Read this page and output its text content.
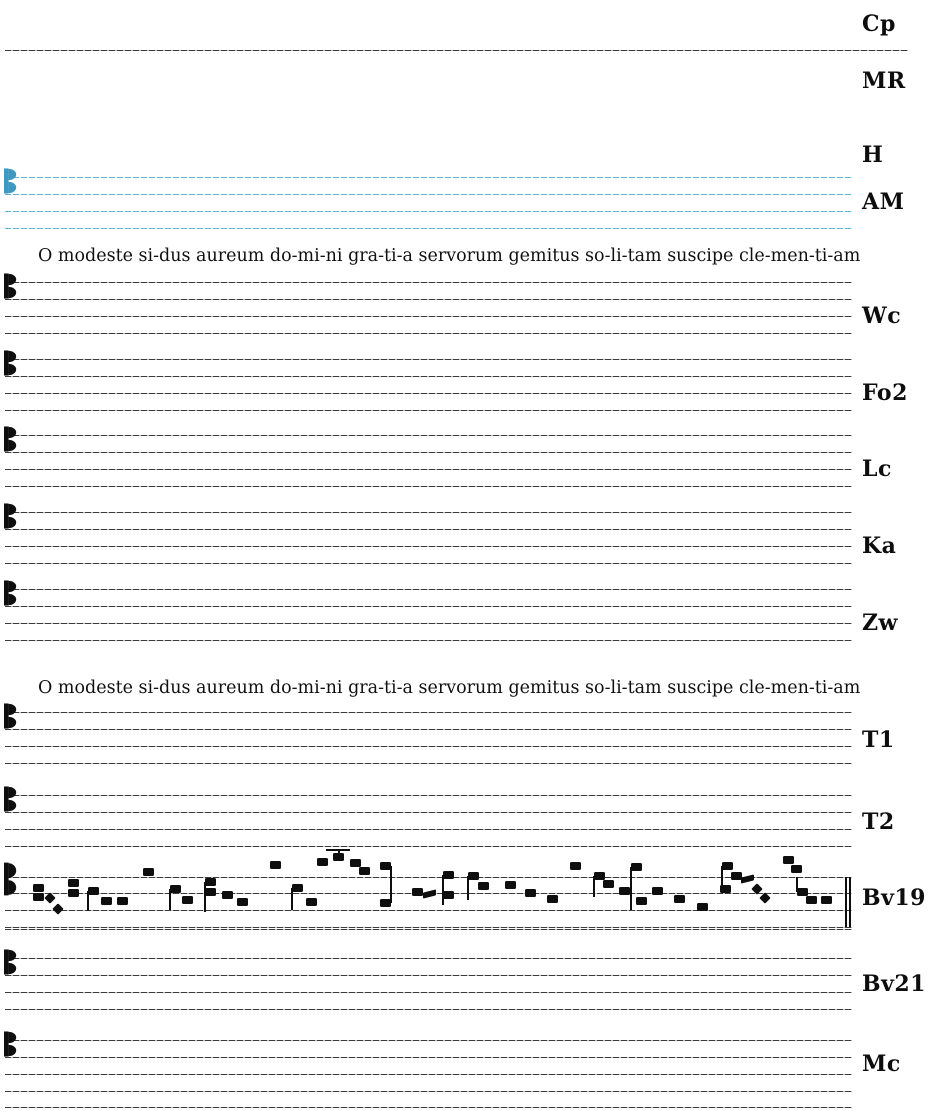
O modeste si-dus aureum do-mi-ni gra-ti-a servorum gemitus so-li-tam suscipe cle-men-ti-am
O modeste si-dus aureum do-mi-ni gra-ti-a servorum gemitus so-li-tam suscipe cle-men-ti-am
Cp
MR
H
AM
Wc
Fo2
Lc
Ka
Zw
T1
T2
Bv19
Bv21
Mc
